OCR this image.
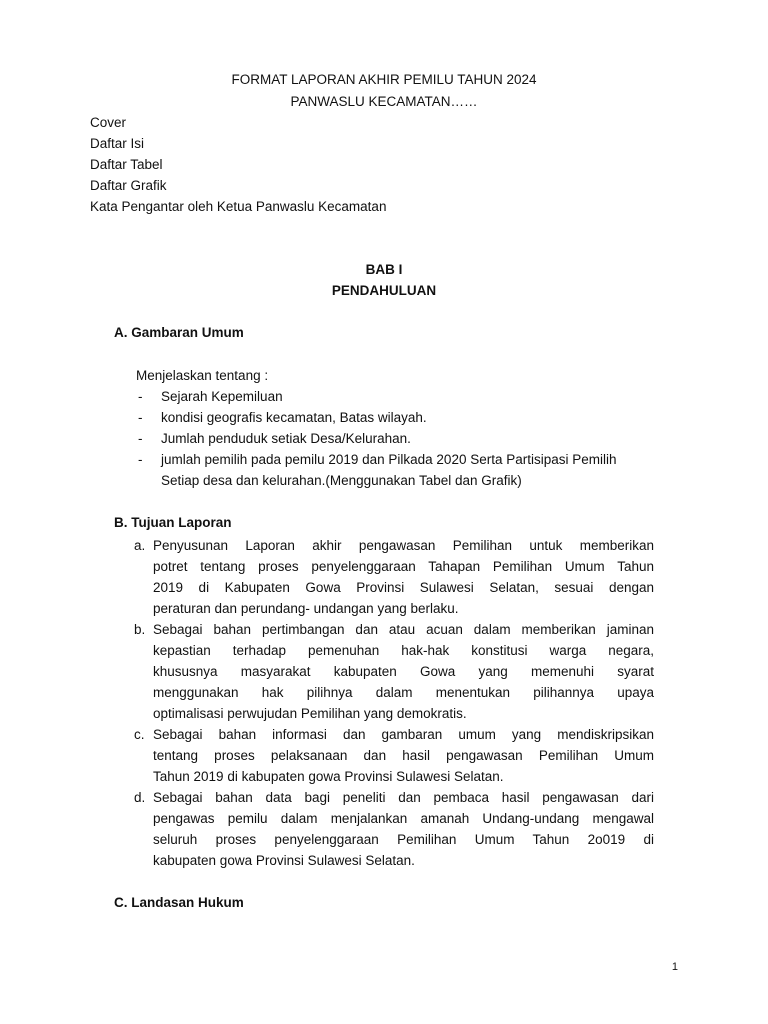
FORMAT LAPORAN AKHIR PEMILU TAHUN 2024
PANWASLU KECAMATAN……
Cover
Daftar Isi
Daftar Tabel
Daftar Grafik
Kata Pengantar oleh Ketua Panwaslu Kecamatan
BAB I
PENDAHULUAN
A. Gambaran Umum
Menjelaskan tentang :
- Sejarah Kepemiluan
- kondisi geografis kecamatan, Batas wilayah.
- Jumlah penduduk setiak Desa/Kelurahan.
- jumlah pemilih pada pemilu 2019 dan Pilkada 2020 Serta Partisipasi Pemilih
Setiap desa dan kelurahan.(Menggunakan Tabel dan Grafik)
B. Tujuan Laporan
a. Penyusunan Laporan akhir pengawasan Pemilihan untuk memberikan
potret tentang proses penyelenggaraan Tahapan Pemilihan Umum Tahun
2019 di Kabupaten Gowa Provinsi Sulawesi Selatan, sesuai dengan
peraturan dan perundang- undangan yang berlaku.
b. Sebagai bahan pertimbangan dan atau acuan dalam memberikan jaminan
kepastian terhadap pemenuhan hak-hak konstitusi warga negara,
khususnya masyarakat kabupaten Gowa yang memenuhi syarat
menggunakan hak pilihnya dalam menentukan pilihannya upaya
optimalisasi perwujudan Pemilihan yang demokratis.
c. Sebagai bahan informasi dan gambaran umum yang mendiskripsikan
tentang proses pelaksanaan dan hasil pengawasan Pemilihan Umum
Tahun 2019 di kabupaten gowa Provinsi Sulawesi Selatan.
d. Sebagai bahan data bagi peneliti dan pembaca hasil pengawasan dari
pengawas pemilu dalam menjalankan amanah Undang-undang mengawal
seluruh proses penyelenggaraan Pemilihan Umum Tahun 2o019 di
kabupaten gowa Provinsi Sulawesi Selatan.
C. Landasan Hukum
1
